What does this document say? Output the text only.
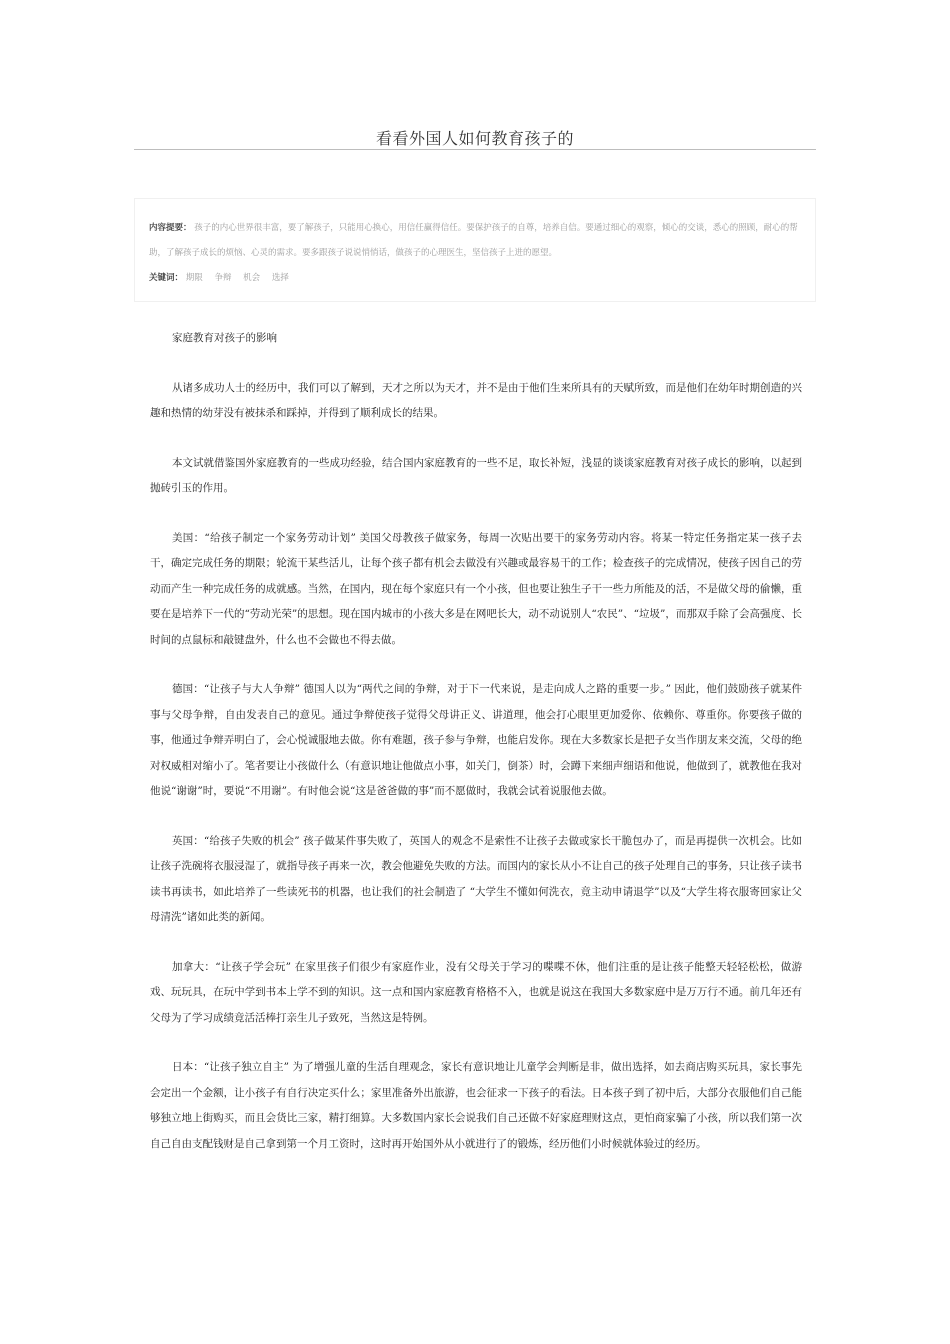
看看外国人如何教育孩子的

内容提要： 孩子的内心世界很丰富，要了解孩子，只能用心换心，用信任赢得信任。要保护孩子的自尊，培养自信。要通过细心的观察，倾心的交谈，悉心的照顾，耐心的帮助，了解孩子成长的烦恼、心灵的需求。要多跟孩子说说悄悄话，做孩子的心理医生，坚信孩子上进的愿望。

关键词： 期限 争辩 机会 选择

家庭教育对孩子的影响

从诸多成功人士的经历中，我们可以了解到，天才之所以为天才，并不是由于他们生来所具有的天赋所致，而是他们在幼年时期创造的兴趣和热情的幼芽没有被抹杀和踩掉，并得到了顺利成长的结果。

本文试就借鉴国外家庭教育的一些成功经验，结合国内家庭教育的一些不足，取长补短，浅显的谈谈家庭教育对孩子成长的影响，以起到抛砖引玉的作用。

美国：“给孩子制定一个家务劳动计划” 美国父母教孩子做家务，每周一次贴出要干的家务劳动内容。将某一特定任务指定某一孩子去干，确定完成任务的期限；轮流干某些活儿，让每个孩子都有机会去做没有兴趣或最容易干的工作；检查孩子的完成情况，使孩子因自己的劳动而产生一种完成任务的成就感。当然，在国内，现在每个家庭只有一个小孩，但也要让独生子干一些力所能及的活，不是做父母的偷懒，重要在是培养下一代的“劳动光荣”的思想。现在国内城市的小孩大多是在网吧长大，动不动说别人“农民”、“垃圾”，而那双手除了会高强度、长时间的点鼠标和敲键盘外，什么也不会做也不得去做。

德国：“让孩子与大人争辩” 德国人以为“两代之间的争辩，对于下一代来说，是走向成人之路的重要一步。” 因此，他们鼓励孩子就某件事与父母争辩，自由发表自己的意见。通过争辩使孩子觉得父母讲正义、讲道理，他会打心眼里更加爱你、依赖你、尊重你。你要孩子做的事，他通过争辩弄明白了，会心悦诚服地去做。你有难题，孩子参与争辩，也能启发你。现在大多数家长是把子女当作朋友来交流，父母的绝对权威相对缩小了。笔者要让小孩做什么（有意识地让他做点小事，如关门，倒茶）时，会蹲下来细声细语和他说，他做到了，就教他在我对他说“谢谢”时，要说“不用谢”。有时他会说“这是爸爸做的事”而不愿做时，我就会试着说服他去做。

英国：“给孩子失败的机会” 孩子做某件事失败了，英国人的观念不是索性不让孩子去做或家长干脆包办了，而是再提供一次机会。比如让孩子洗碗将衣服浸湿了，就指导孩子再来一次，教会他避免失败的方法。而国内的家长从小不让自己的孩子处理自己的事务，只让孩子读书读书再读书，如此培养了一些读死书的机器，也让我们的社会制造了 “大学生不懂如何洗衣，竟主动申请退学”以及“大学生将衣服寄回家让父母清洗”诸如此类的新闻。

加拿大：“让孩子学会玩” 在家里孩子们很少有家庭作业，没有父母关于学习的喋喋不休，他们注重的是让孩子能整天轻轻松松，做游戏、玩玩具，在玩中学到书本上学不到的知识。这一点和国内家庭教育格格不入，也就是说这在我国大多数家庭中是万万行不通。前几年还有父母为了学习成绩竟活活棒打亲生儿子致死，当然这是特例。

日本：“让孩子独立自主” 为了增强儿童的生活自理观念，家长有意识地让儿童学会判断是非，做出选择，如去商店购买玩具，家长事先会定出一个金额，让小孩子有自行决定买什么；家里准备外出旅游，也会征求一下孩子的看法。日本孩子到了初中后，大部分衣服他们自己能够独立地上街购买，而且会货比三家，精打细算。大多数国内家长会说我们自己还做不好家庭理财这点，更怕商家骗了小孩，所以我们第一次自己自由支配钱财是自己拿到第一个月工资时，这时再开始国外从小就进行了的锻炼，经历他们小时候就体验过的经历。
